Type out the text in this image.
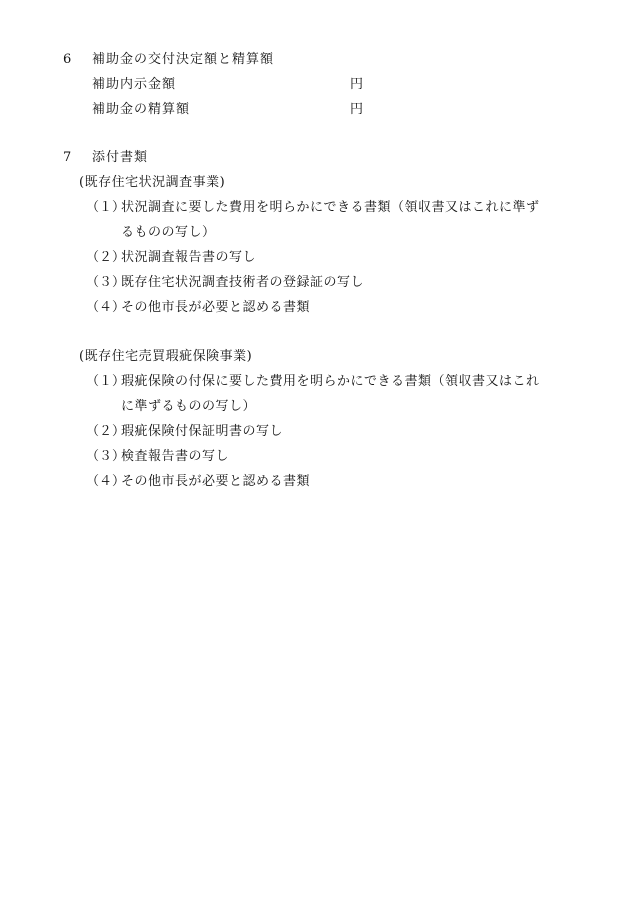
6 補助金の交付決定額と精算額
補助内示金額	円
補助金の精算額	円
7 添付書類
(既存住宅状況調査事業)
（１）
状況調査に要した費用を明らかにできる書類（領収書又はこれに準ず
るものの写し）
（２）
状況調査報告書の写し
（３）
既存住宅状況調査技術者の登録証の写し
（４）
その他市長が必要と認める書類
(既存住宅売買瑕疵保険事業)
（１）
瑕疵保険の付保に要した費用を明らかにできる書類（領収書又はこれ
に準ずるものの写し）
（２）
瑕疵保険付保証明書の写し
（３）
検査報告書の写し
（４）
その他市長が必要と認める書類
